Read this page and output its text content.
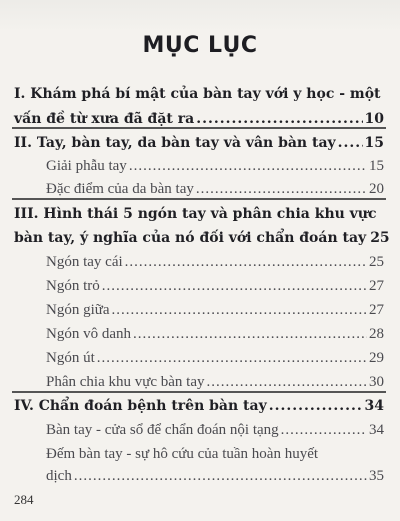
MỤC LỤC
I. Khám phá bí mật của bàn tay với y học - một
vấn đề từ xưa đã đặt ra .....	10
II. Tay, bàn tay, da bàn tay và vân bàn tay ..... 15
Giải phẫu tay .....	15
Đặc điểm của da bàn tay .....	20
III. Hình thái 5 ngón tay và phân chia khu vực
bàn tay, ý nghĩa của nó đối với chẩn đoán tay 25
Ngón tay cái .....	25
Ngón trỏ .....	27
Ngón giữa .....	27
Ngón vô danh .....	28
Ngón út .....	29
Phân chia khu vực bàn tay .....	30
IV. Chẩn đoán bệnh trên bàn tay .....	34
Bàn tay - cửa sổ để chẩn đoán nội tạng .....	34
Đếm bàn tay - sự hô cứu của tuần hoàn huyết
dịch .....	35
284
